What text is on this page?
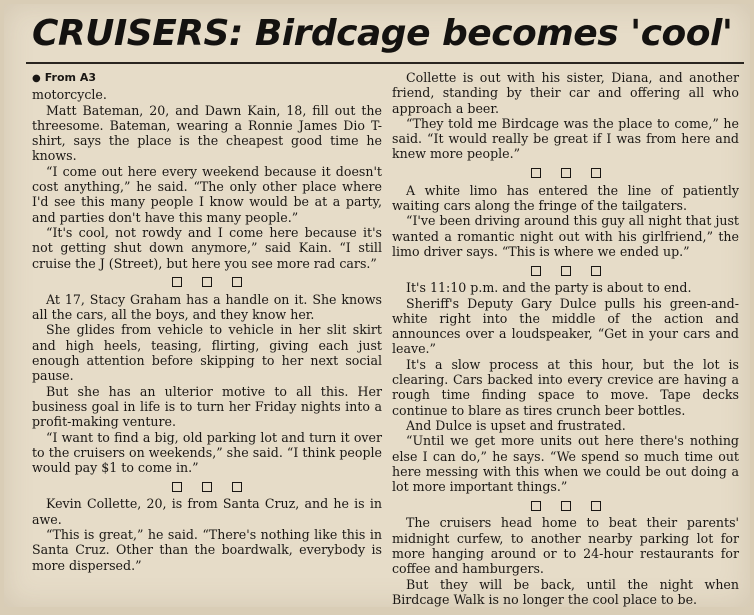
CRUISERS: Birdcage becomes 'cool'
● From A3

motorcycle.

Matt Bateman, 20, and Dawn Kain, 18, fill out the threesome. Bateman, wearing a Ronnie James Dio T-shirt, says the place is the cheapest good time he knows.

“I come out here every weekend because it doesn't cost anything,” he said. “The only other place where I'd see this many people I know would be at a party, and parties don't have this many people.”

“It's cool, not rowdy and I come here because it's not getting shut down anymore,” said Kain. “I still cruise the J (Street), but here you see more rad cars.”

At 17, Stacy Graham has a handle on it. She knows all the cars, all the boys, and they know her.

She glides from vehicle to vehicle in her slit skirt and high heels, teasing, flirting, giving each just enough attention before skipping to her next social pause.

But she has an ulterior motive to all this. Her business goal in life is to turn her Friday nights into a profit-making venture.

“I want to find a big, old parking lot and turn it over to the cruisers on weekends,” she said. “I think people would pay $1 to come in.”

Kevin Collette, 20, is from Santa Cruz, and he is in awe.

“This is great,” he said. “There's nothing like this in Santa Cruz. Other than the boardwalk, everybody is more dispersed.”

Collette is out with his sister, Diana, and another friend, standing by their car and offering all who approach a beer.

“They told me Birdcage was the place to come,” he said. “It would really be great if I was from here and knew more people.”

A white limo has entered the line of patiently waiting cars along the fringe of the tailgaters.

“I've been driving around this guy all night that just wanted a romantic night out with his girlfriend,” the limo driver says. “This is where we ended up.”

It's 11:10 p.m. and the party is about to end.

Sheriff's Deputy Gary Dulce pulls his green-and-white right into the middle of the action and announces over a loudspeaker, “Get in your cars and leave.”

It's a slow process at this hour, but the lot is clearing. Cars backed into every crevice are having a rough time finding space to move. Tape decks continue to blare as tires crunch beer bottles.

And Dulce is upset and frustrated.

“Until we get more units out here there's nothing else I can do,” he says. “We spend so much time out here messing with this when we could be out doing a lot more important things.”

The cruisers head home to beat their parents' midnight curfew, to another nearby parking lot for more hanging around or to 24-hour restaurants for coffee and hamburgers.

But they will be back, until the night when Birdcage Walk is no longer the cool place to be.
